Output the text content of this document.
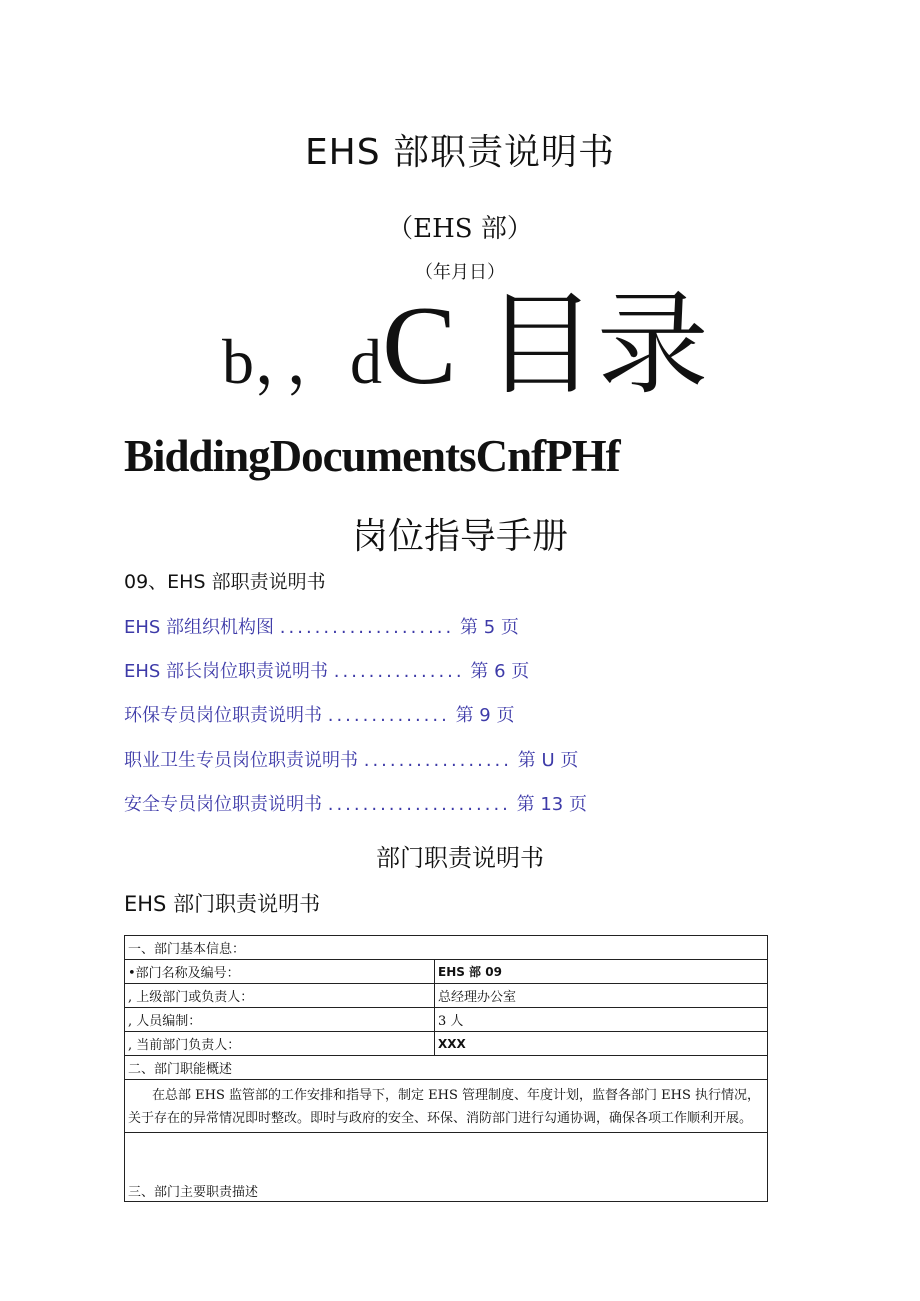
EHS 部职责说明书
（EHS 部）
（年月日）
b，，dC 目录
BiddingDocumentsCnfPHf
岗位指导手册
09、EHS 部职责说明书
EHS 部组织机构图 .................... 第 5 页
EHS 部长岗位职责说明书 ............... 第 6 页
环保专员岗位职责说明书 .............. 第 9 页
职业卫生专员岗位职责说明书 ................. 第 U 页
安全专员岗位职责说明书 ..................... 第 13 页
部门职责说明书
EHS 部门职责说明书
一、部门基本信息：	
•部门名称及编号：	EHS 部 09
, 上级部门或负责人：	总经理办公室
, 人员编制：	3 人
, 当前部门负责人：	XXX
二、部门职能概述	
在总部 EHS 监管部的工作安排和指导下，制定 EHS 管理制度、年度计划，监督各部门 EHS 执行情况，关于存在的异常情况即时整改。即时与政府的安全、环保、消防部门进行勾通协调，确保各项工作顺利开展。	

三、部门主要职责描述	
